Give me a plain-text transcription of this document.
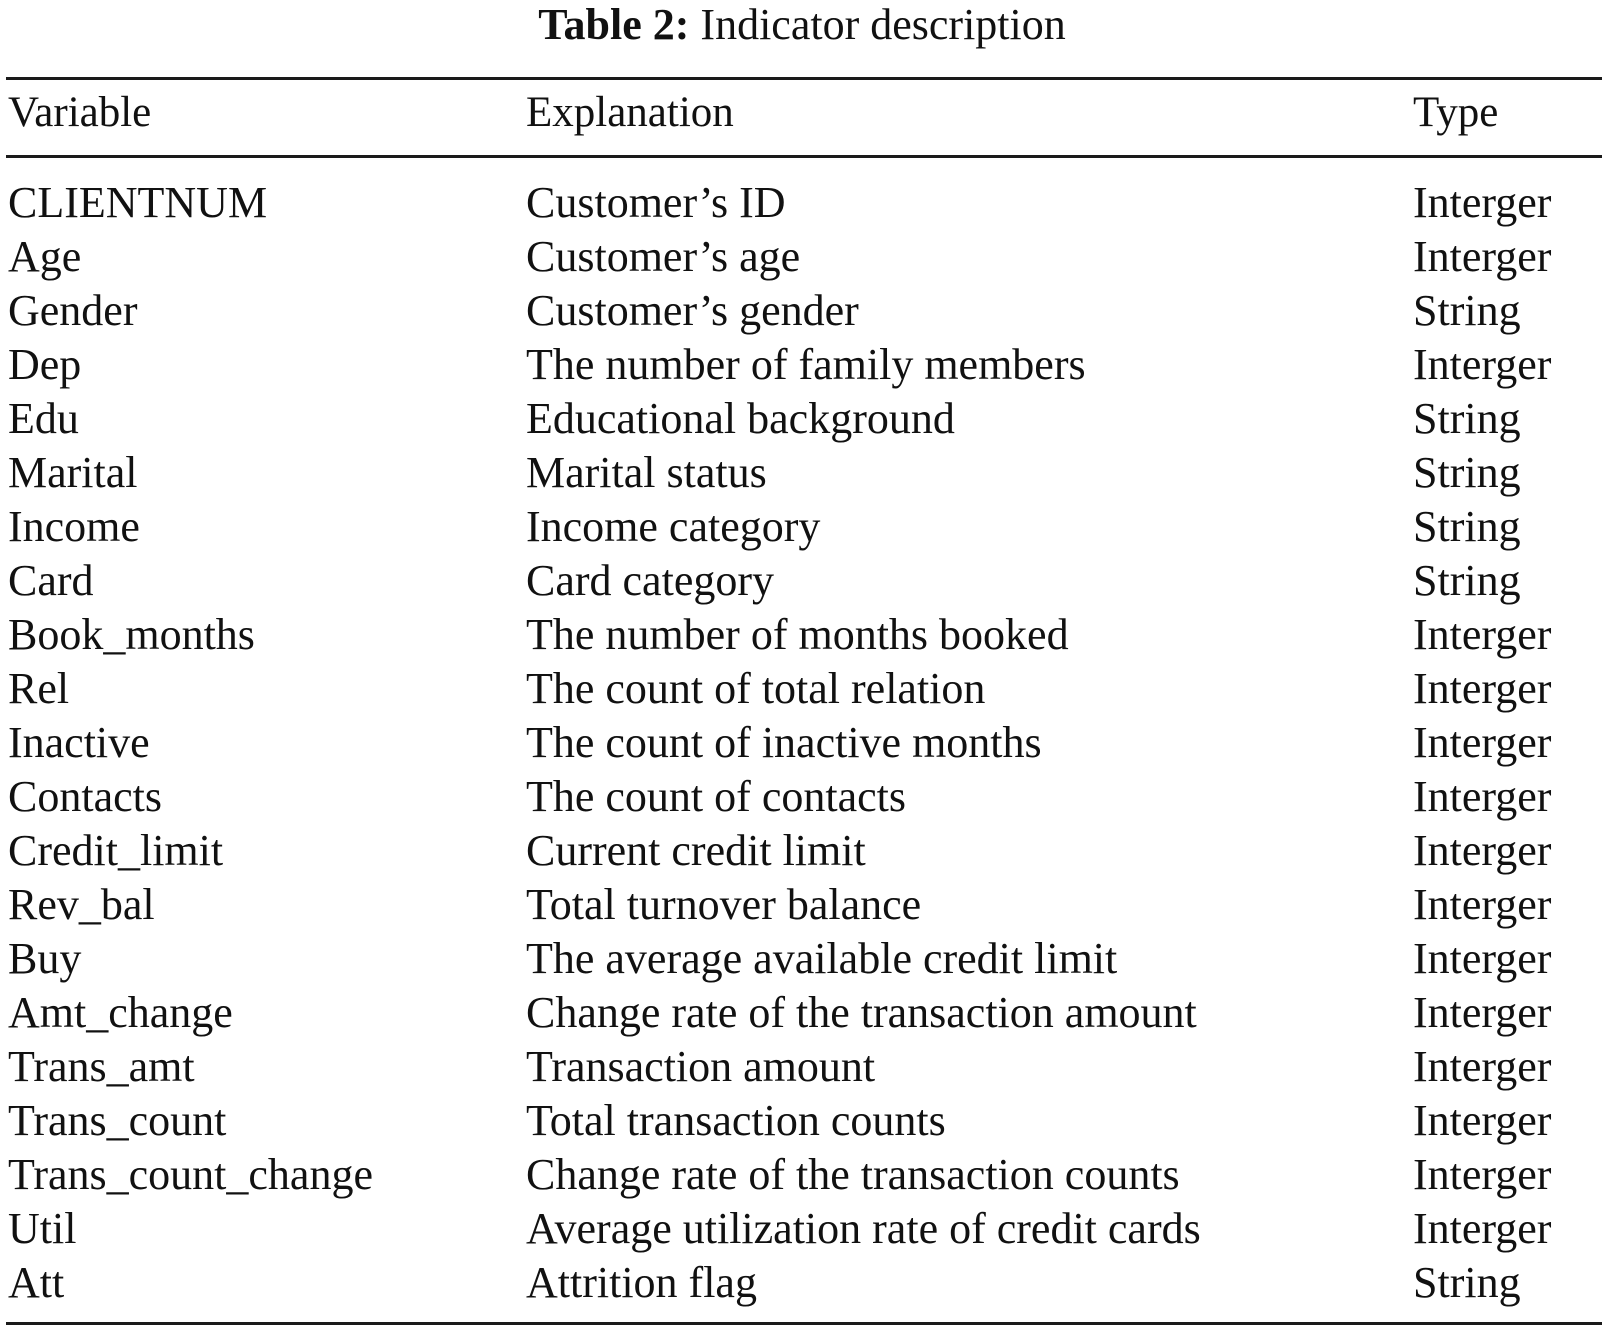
Table 2: Indicator description
Variable	Explanation	Type
CLIENTNUM	Customer’s ID	Interger
Age	Customer’s age	Interger
Gender	Customer’s gender	String
Dep	The number of family members	Interger
Edu	Educational background	String
Marital	Marital status	String
Income	Income category	String
Card	Card category	String
Book_months	The number of months booked	Interger
Rel	The count of total relation	Interger
Inactive	The count of inactive months	Interger
Contacts	The count of contacts	Interger
Credit_limit	Current credit limit	Interger
Rev_bal	Total turnover balance	Interger
Buy	The average available credit limit	Interger
Amt_change	Change rate of the transaction amount	Interger
Trans_amt	Transaction amount	Interger
Trans_count	Total transaction counts	Interger
Trans_count_change	Change rate of the transaction counts	Interger
Util	Average utilization rate of credit cards	Interger
Att	Attrition flag	String
